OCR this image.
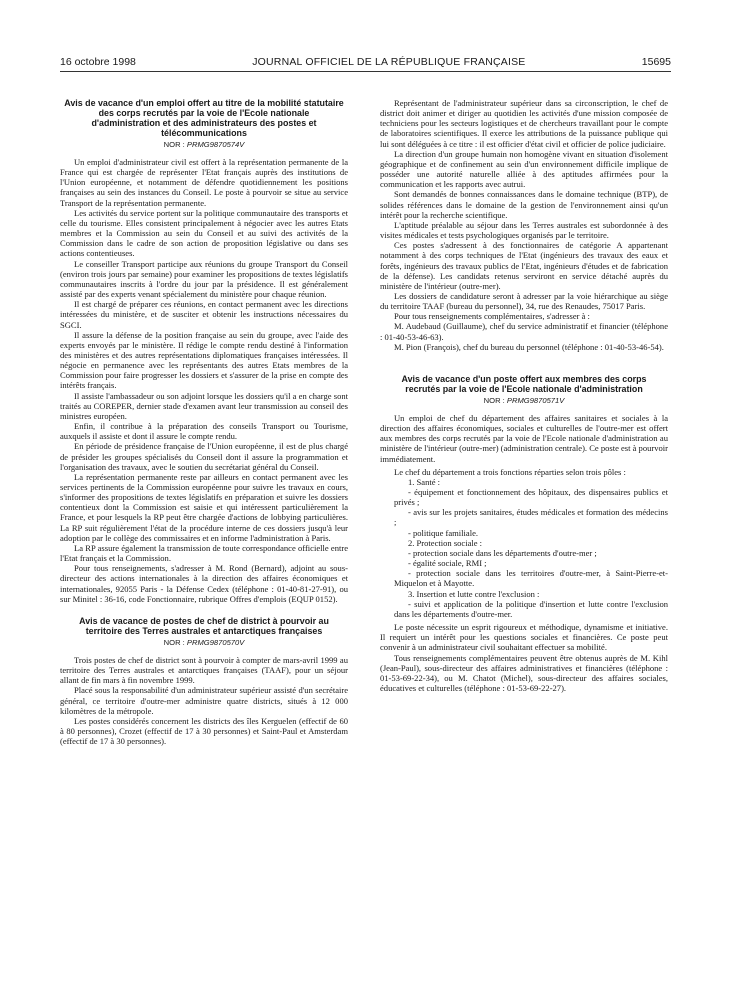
16 octobre 1998	JOURNAL OFFICIEL DE LA RÉPUBLIQUE FRANÇAISE	15695
Avis de vacance d'un emploi offert au titre de la mobilité statutaire des corps recrutés par la voie de l'Ecole nationale d'administration et des administrateurs des postes et télécommunications
NOR : PRMG9870574V

Un emploi d'administrateur civil est offert à la représentation permanente de la France qui est chargée de représenter l'Etat français auprès des institutions de l'Union européenne, et notamment de défendre quotidiennement les positions françaises au sein des instances du Conseil. Le poste à pourvoir se situe au service Transport de la représentation permanente.

Les activités du service portent sur la politique communautaire des transports et celle du tourisme. Elles consistent principalement à négocier avec les autres Etats membres et la Commission au sein du Conseil et au suivi des activités de la Commission dans le cadre de son action de proposition législative ou dans ses actions contentieuses.

Le conseiller Transport participe aux réunions du groupe Transport du Conseil (environ trois jours par semaine) pour examiner les propositions de textes législatifs communautaires inscrits à l'ordre du jour par la présidence. Il est généralement assisté par des experts venant spécialement du ministère pour chaque réunion.

Il est chargé de préparer ces réunions, en contact permanent avec les directions intéressées du ministère, et de susciter et obtenir les instructions nécessaires du SGCI.

Il assure la défense de la position française au sein du groupe, avec l'aide des experts envoyés par le ministère. Il rédige le compte rendu destiné à l'information des ministères et des autres représentations diplomatiques françaises intéressées. Il négocie en permanence avec les représentants des autres Etats membres de la Commission pour faire progresser les dossiers et s'assurer de la prise en compte des intérêts français.

Il assiste l'ambassadeur ou son adjoint lorsque les dossiers qu'il a en charge sont traités au COREPER, dernier stade d'examen avant leur transmission au conseil des ministres européen.

Enfin, il contribue à la préparation des conseils Transport ou Tourisme, auxquels il assiste et dont il assure le compte rendu.

En période de présidence française de l'Union européenne, il est de plus chargé de présider les groupes spécialisés du Conseil dont il assure la programmation et l'organisation des travaux, avec le soutien du secrétariat général du Conseil.

La représentation permanente reste par ailleurs en contact permanent avec les services pertinents de la Commission européenne pour suivre les travaux en cours, s'informer des propositions de textes législatifs en préparation et suivre les dossiers contentieux dont la Commission est saisie et qui intéressent particulièrement la France, et pour lesquels la RP peut être chargée d'actions de lobbying particulières. La RP suit régulièrement l'état de la procédure interne de ces dossiers jusqu'à leur adoption par le collège des commissaires et en informe l'administration à Paris.

La RP assure également la transmission de toute correspondance officielle entre l'Etat français et la Commission.

Pour tous renseignements, s'adresser à M. Rond (Bernard), adjoint au sous-directeur des actions internationales à la direction des affaires économiques et internationales, 92055 Paris - la Défense Cedex (téléphone : 01-40-81-27-91), ou sur Minitel : 36-16, code Fonctionnaire, rubrique Offres d'emplois (EQUP 0152).

Avis de vacance de postes de chef de district à pourvoir au territoire des Terres australes et antarctiques françaises
NOR : PRMG9870570V

Trois postes de chef de district sont à pourvoir à compter de mars-avril 1999 au territoire des Terres australes et antarctiques françaises (TAAF), pour un séjour allant de fin mars à fin novembre 1999.

Placé sous la responsabilité d'un administrateur supérieur assisté d'un secrétaire général, ce territoire d'outre-mer administre quatre districts, situés à 12 000 kilomètres de la métropole.

Les postes considérés concernent les districts des îles Kerguelen (effectif de 60 à 80 personnes), Crozet (effectif de 17 à 30 personnes) et Saint-Paul et Amsterdam (effectif de 17 à 30 personnes).

Représentant de l'administrateur supérieur dans sa circonscription, le chef de district doit animer et diriger au quotidien les activités d'une mission composée de techniciens pour les secteurs logistiques et de chercheurs travaillant pour le compte de laboratoires scientifiques. Il exerce les attributions de la puissance publique qui lui sont déléguées à ce titre : il est officier d'état civil et officier de police judiciaire.

La direction d'un groupe humain non homogène vivant en situation d'isolement géographique et de confinement au sein d'un environnement difficile implique de posséder une autorité naturelle alliée à des aptitudes affirmées pour la communication et les rapports avec autrui.

Sont demandés de bonnes connaissances dans le domaine technique (BTP), de solides références dans le domaine de la gestion de l'environnement ainsi qu'un intérêt pour la recherche scientifique.

L'aptitude préalable au séjour dans les Terres australes est subordonnée à des visites médicales et tests psychologiques organisés par le territoire.

Ces postes s'adressent à des fonctionnaires de catégorie A appartenant notamment à des corps techniques de l'Etat (ingénieurs des travaux des eaux et forêts, ingénieurs des travaux publics de l'Etat, ingénieurs d'études et de fabrication de la défense). Les candidats retenus serviront en service détaché auprès du ministère de l'intérieur (outre-mer).

Les dossiers de candidature seront à adresser par la voie hiérarchique au siège du territoire TAAF (bureau du personnel), 34, rue des Renaudes, 75017 Paris.

Pour tous renseignements complémentaires, s'adresser à :

M. Audebaud (Guillaume), chef du service administratif et financier (téléphone : 01-40-53-46-63).

M. Pion (François), chef du bureau du personnel (téléphone : 01-40-53-46-54).

Avis de vacance d'un poste offert aux membres des corps recrutés par la voie de l'Ecole nationale d'administration
NOR : PRMG9870571V

Un emploi de chef du département des affaires sanitaires et sociales à la direction des affaires économiques, sociales et culturelles de l'outre-mer est offert aux membres des corps recrutés par la voie de l'Ecole nationale d'administration au ministère de l'intérieur (outre-mer) (administration centrale). Ce poste est à pourvoir immédiatement.

Le chef du département a trois fonctions réparties selon trois pôles :

1. Santé :

- équipement et fonctionnement des hôpitaux, des dispensaires publics et privés ;

- avis sur les projets sanitaires, études médicales et formation des médecins ;

- politique familiale.

2. Protection sociale :

- protection sociale dans les départements d'outre-mer ;

- égalité sociale, RMI ;

- protection sociale dans les territoires d'outre-mer, à Saint-Pierre-et-Miquelon et à Mayotte.

3. Insertion et lutte contre l'exclusion :

- suivi et application de la politique d'insertion et lutte contre l'exclusion dans les départements d'outre-mer.

Le poste nécessite un esprit rigoureux et méthodique, dynamisme et initiative. Il requiert un intérêt pour les questions sociales et financières. Ce poste peut convenir à un administrateur civil souhaitant effectuer sa mobilité.

Tous renseignements complémentaires peuvent être obtenus auprès de M. Kihl (Jean-Paul), sous-directeur des affaires administratives et financières (téléphone : 01-53-69-22-34), ou M. Chatot (Michel), sous-directeur des affaires sociales, éducatives et culturelles (téléphone : 01-53-69-22-27).
